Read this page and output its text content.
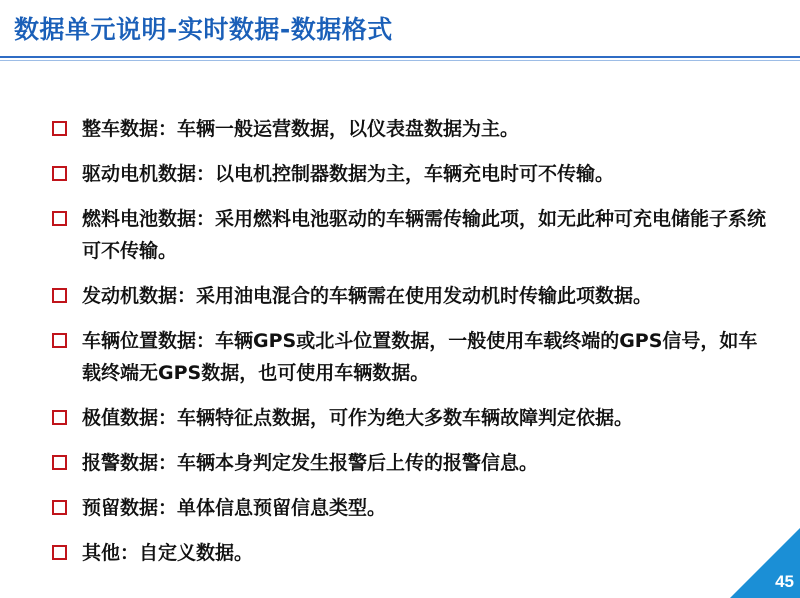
数据单元说明-实时数据-数据格式
整车数据：车辆一般运营数据，以仪表盘数据为主。
驱动电机数据：以电机控制器数据为主，车辆充电时可不传输。
燃料电池数据：采用燃料电池驱动的车辆需传输此项，如无此种可充电储能子系统可不传输。
发动机数据：采用油电混合的车辆需在使用发动机时传输此项数据。
车辆位置数据：车辆GPS或北斗位置数据，一般使用车载终端的GPS信号，如车载终端无GPS数据，也可使用车辆数据。
极值数据：车辆特征点数据，可作为绝大多数车辆故障判定依据。
报警数据：车辆本身判定发生报警后上传的报警信息。
预留数据：单体信息预留信息类型。
其他：自定义数据。
45
